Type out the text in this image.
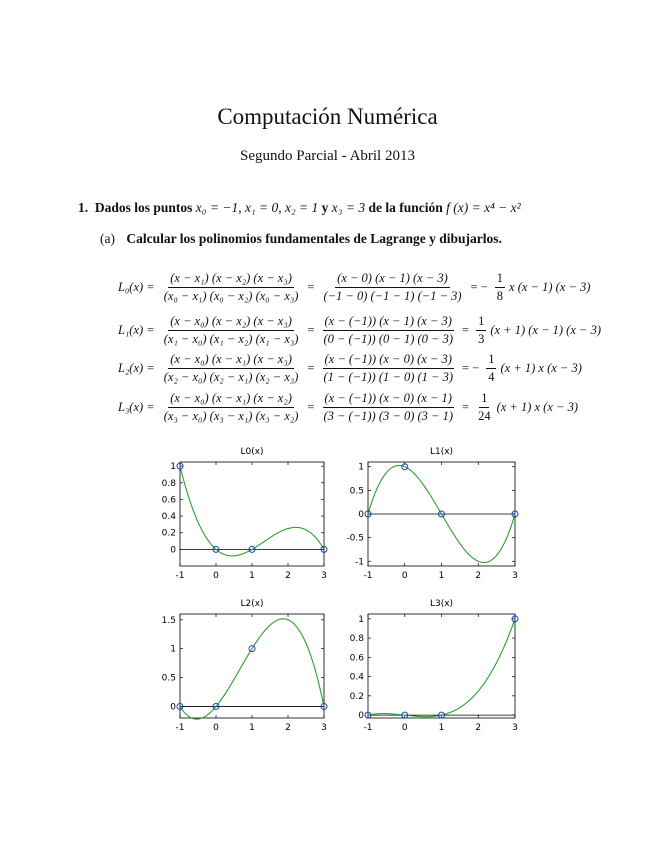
Computación Numérica
Segundo Parcial - Abril 2013
1. Dados los puntos x₀ = −1, x₁ = 0, x₂ = 1 y x₃ = 3 de la función f (x) = x⁴ − x²
(a) Calcular los polinomios fundamentales de Lagrange y dibujarlos.
$L_0(x) = \frac{\text{(x − x₁) (x − x₂) (x − x₃)}}{\text{(x₀ − x₁) (x₀ − x₂) (x₀ − x₃)}} = \frac{(x - 0) (x - 1) (x - 3)}{(-1 - 0) (-1 - 1) (-1 - 3)}$ = − $\frac{1}{8}$ x (x − 1) (x − 3)
$L_1(x) = \frac{\text{(x − x₀) (x − x₂) (x − x₃)}}{\text{(x₁ − x₀) (x₁ − x₂) (x₁ − x₃)}} = \frac{(x - (-1)) (x - 1) (x - 3)}{(0 - (-1)) (0 - 1) (0 - 3)} = \frac{1}{3} (x + 1) (x - 1) (x - 3)$
$L_2(x) = \frac{\text{(x − x₀) (x − x₁) (x − x₃)}}{\text{(x₂ − x₀) (x₂ − x₁) (x₂ − x₃)}} = \frac{(x - (-1)) (x - 0) (x - 3)}{(1 - (-1)) (1 - 0) (1 - 3)}$ = − $\frac{1}{4} (x + 1)$ x (x − 3)
$L_3(x) = \frac{\text{(x − x₀) (x − x₁) (x − x₂)}}{\text{(x₃ − x₀) (x₃ − x₁) (x₃ − x₂)}} = \frac{(x - (-1)) (x - 0) (x - 1)}{(3 - (-1)) (3 - 0) (3 - 1)} = \frac{1}{24} (x + 1)$ x (x − 3)
L0(x)
-1	0	1	2	3
0
0.2
0.4
0.6
0.8
1
L1(x)
-1	0	1	2	3
-1
-0.5
0
0.5
1
L2(x)
-1	0	1	2	3
0
0.5
1
1.5
L3(x)
-1	0	1	2	3
0
0.2
0.4
0.6
0.8
1
